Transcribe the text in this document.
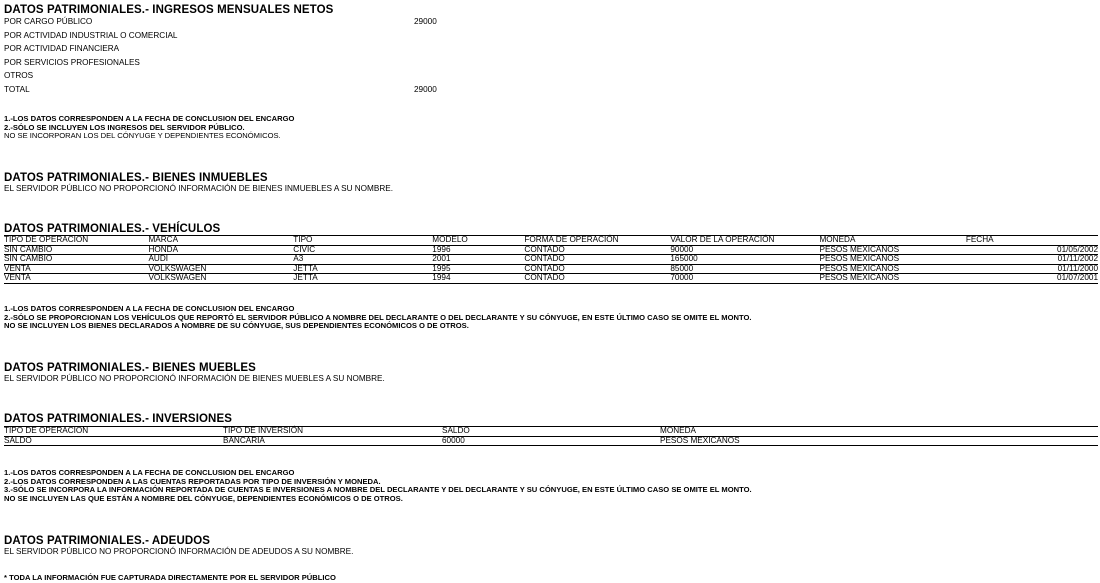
DATOS PATRIMONIALES.- INGRESOS MENSUALES NETOS
POR CARGO PÚBLICO	29000
POR ACTIVIDAD INDUSTRIAL O COMERCIAL
POR ACTIVIDAD FINANCIERA
POR SERVICIOS PROFESIONALES
OTROS
TOTAL	29000
1.-LOS DATOS CORRESPONDEN A LA FECHA DE CONCLUSION DEL ENCARGO
2.-SÓLO SE INCLUYEN LOS INGRESOS DEL SERVIDOR PÚBLICO.
NO SE INCORPORAN LOS DEL CÓNYUGE Y DEPENDIENTES ECONÓMICOS.
DATOS PATRIMONIALES.- BIENES INMUEBLES
EL SERVIDOR PÚBLICO NO PROPORCIONÓ INFORMACIÓN DE BIENES INMUEBLES A SU NOMBRE.
DATOS PATRIMONIALES.- VEHÍCULOS
TIPO DE OPERACION	MARCA	TIPO	MODELO	FORMA DE OPERACIÓN	VALOR DE LA OPERACIÓN	MONEDA	FECHA
SIN CAMBIO	HONDA	CIVIC	1996	CONTADO	90000	PESOS MEXICANOS	01/05/2002
SIN CAMBIO	AUDI	A3	2001	CONTADO	165000	PESOS MEXICANOS	01/11/2002
VENTA	VOLKSWAGEN	JETTA	1995	CONTADO	85000	PESOS MEXICANOS	01/11/2000
VENTA	VOLKSWAGEN	JETTA	1994	CONTADO	70000	PESOS MEXICANOS	01/07/2001
1.-LOS DATOS CORRESPONDEN A LA FECHA DE CONCLUSION DEL ENCARGO
2.-SÓLO SE PROPORCIONAN LOS VEHÍCULOS QUE REPORTÓ EL SERVIDOR PÚBLICO A NOMBRE DEL DECLARANTE O DEL DECLARANTE Y SU CÓNYUGE, EN ESTE ÚLTIMO CASO SE OMITE EL MONTO.
NO SE INCLUYEN LOS BIENES DECLARADOS A NOMBRE DE SU CÓNYUGE, SUS DEPENDIENTES ECONÓMICOS O DE OTROS.
DATOS PATRIMONIALES.- BIENES MUEBLES
EL SERVIDOR PÚBLICO NO PROPORCIONÓ INFORMACIÓN DE BIENES MUEBLES A SU NOMBRE.
DATOS PATRIMONIALES.- INVERSIONES
TIPO DE OPERACION	TIPO DE INVERSIÓN	SALDO	MONEDA
SALDO	BANCARIA	60000	PESOS MEXICANOS
1.-LOS DATOS CORRESPONDEN A LA FECHA DE CONCLUSION DEL ENCARGO
2.-LOS DATOS CORRESPONDEN A LAS CUENTAS REPORTADAS POR TIPO DE INVERSIÓN Y MONEDA.
3.-SÓLO SE INCORPORA LA INFORMACIÓN REPORTADA DE CUENTAS E INVERSIONES A NOMBRE DEL DECLARANTE Y DEL DECLARANTE Y SU CÓNYUGE, EN ESTE ÚLTIMO CASO SE OMITE EL MONTO.
NO SE INCLUYEN LAS QUE ESTÁN A NOMBRE DEL CÓNYUGE, DEPENDIENTES ECONÓMICOS O DE OTROS.
DATOS PATRIMONIALES.- ADEUDOS
EL SERVIDOR PÚBLICO NO PROPORCIONÓ INFORMACIÓN DE ADEUDOS A SU NOMBRE.
* TODA LA INFORMACIÓN FUE CAPTURADA DIRECTAMENTE POR EL SERVIDOR PÚBLICO
